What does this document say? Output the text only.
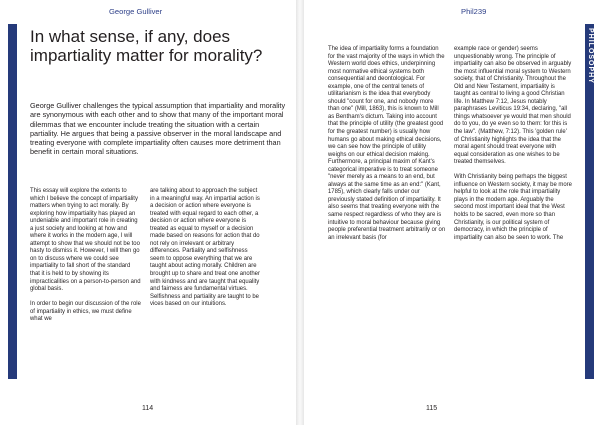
George Gulliver
In what sense, if any, does impartiality matter for morality?

George Gulliver challenges the typical assumption that impartiality and morality are synonymous with each other and to show that many of the important moral dilemmas that we encounter include treating the situation with a certain partiality. He argues that being a passive observer in the moral landscape and treating everyone with complete impartiality often causes more detriment than benefit in certain moral situations.

This essay will explore the extents to which I believe the concept of impartiality matters when trying to act morally. By exploring how impartiality has played an undeniable and important role in creating a just society and looking at how and where it works in the modern age, I will attempt to show that we should not be too hasty to dismiss it. However, I will then go on to discuss where we could see impartiality to fall short of the standard that it is held to by showing its impracticalities on a person-to-person and global basis.

In order to begin our discussion of the role of impartiality in ethics, we must define what we

are talking about to approach the subject in a meaningful way. An impartial action is a decision or action where everyone is treated with equal regard to each other, a decision or action where everyone is treated as equal to myself or a decision made based on reasons for action that do not rely on irrelevant or arbitrary differences. Partiality and selfishness seem to oppose everything that we are taught about acting morally. Children are brought up to share and treat one another with kindness and are taught that equality and fairness are fundamental virtues. Selfishness and partiality are taught to be vices based on our intuitions.

114
Phil239
PHILOSOPHY

The idea of impartiality forms a foundation for the vast majority of the ways in which the Western world does ethics, underpinning most normative ethical systems both consequential and deontological. For example, one of the central tenets of utilitarianism is the idea that everybody should "count for one, and nobody more than one" (Mill, 1863), this is known to Mill as Bentham's dictum. Taking into account that the principle of utility (the greatest good for the greatest number) is usually how humans go about making ethical decisions, we can see how the principle of utility weighs on our ethical decision making. Furthermore, a principal maxim of Kant's categorical imperative is to treat someone "never merely as a means to an end, but always at the same time as an end:" (Kant, 1785), which clearly falls under our previously stated definition of impartiality. It also seems that treating everyone with the same respect regardless of who they are is intuitive to moral behaviour because giving people preferential treatment arbitrarily or on an irrelevant basis (for

example race or gender) seems unquestionably wrong. The principle of impartiality can also be observed in arguably the most influential moral system to Western society, that of Christianity. Throughout the Old and New Testament, impartiality is taught as central to living a good Christian life. In Matthew 7:12, Jesus notably paraphrases Leviticus 19:34, declaring, "all things whatsoever ye would that men should do to you, do ye even so to them: for this is the law". (Matthew, 7:12). This 'golden rule' of Christianity highlights the idea that the moral agent should treat everyone with equal consideration as one wishes to be treated themselves.

With Christianity being perhaps the biggest influence on Western society, it may be more helpful to look at the role that impartiality plays in the modern age. Arguably the second most important ideal that the West holds to be sacred, even more so than Christianity, is our political system of democracy, in which the principle of impartiality can also be seen to work. The

115
